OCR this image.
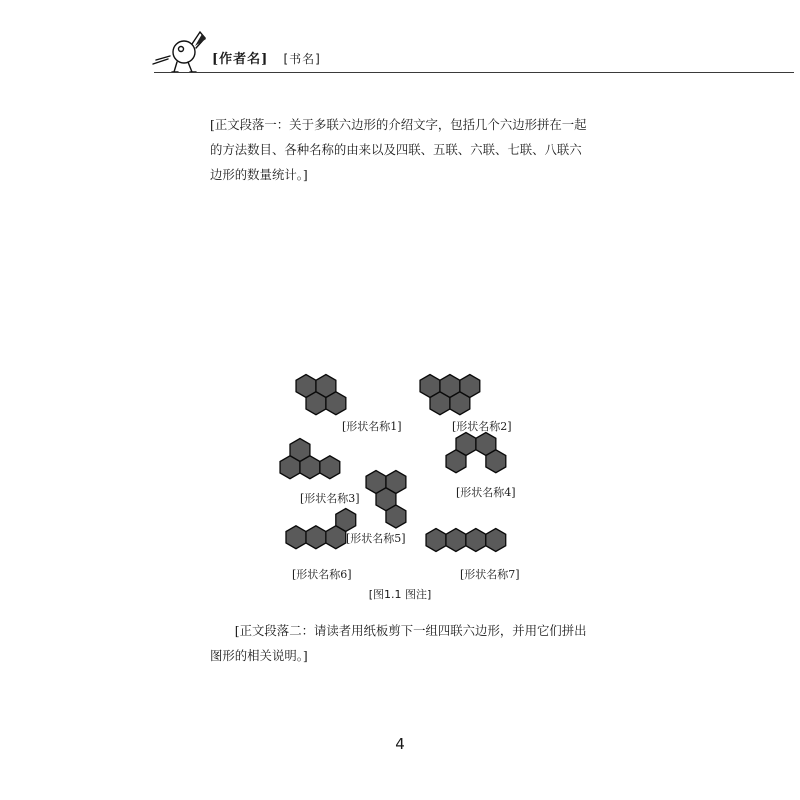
[作者名] [书名]

[正文段落一：关于多联六边形的介绍文字，包括几个六边形拼在一起的方法数目、各种名称的由来以及四联、五联、六联、七联、八联六边形的数量统计。]

[形状名称1]	[形状名称2]
[形状名称3]	[形状名称4]
[形状名称5]
[形状名称6]	[形状名称7]
[图1.1 图注]

[正文段落二：请读者用纸板剪下一组四联六边形，并用它们拼出图形的相关说明。]

4
